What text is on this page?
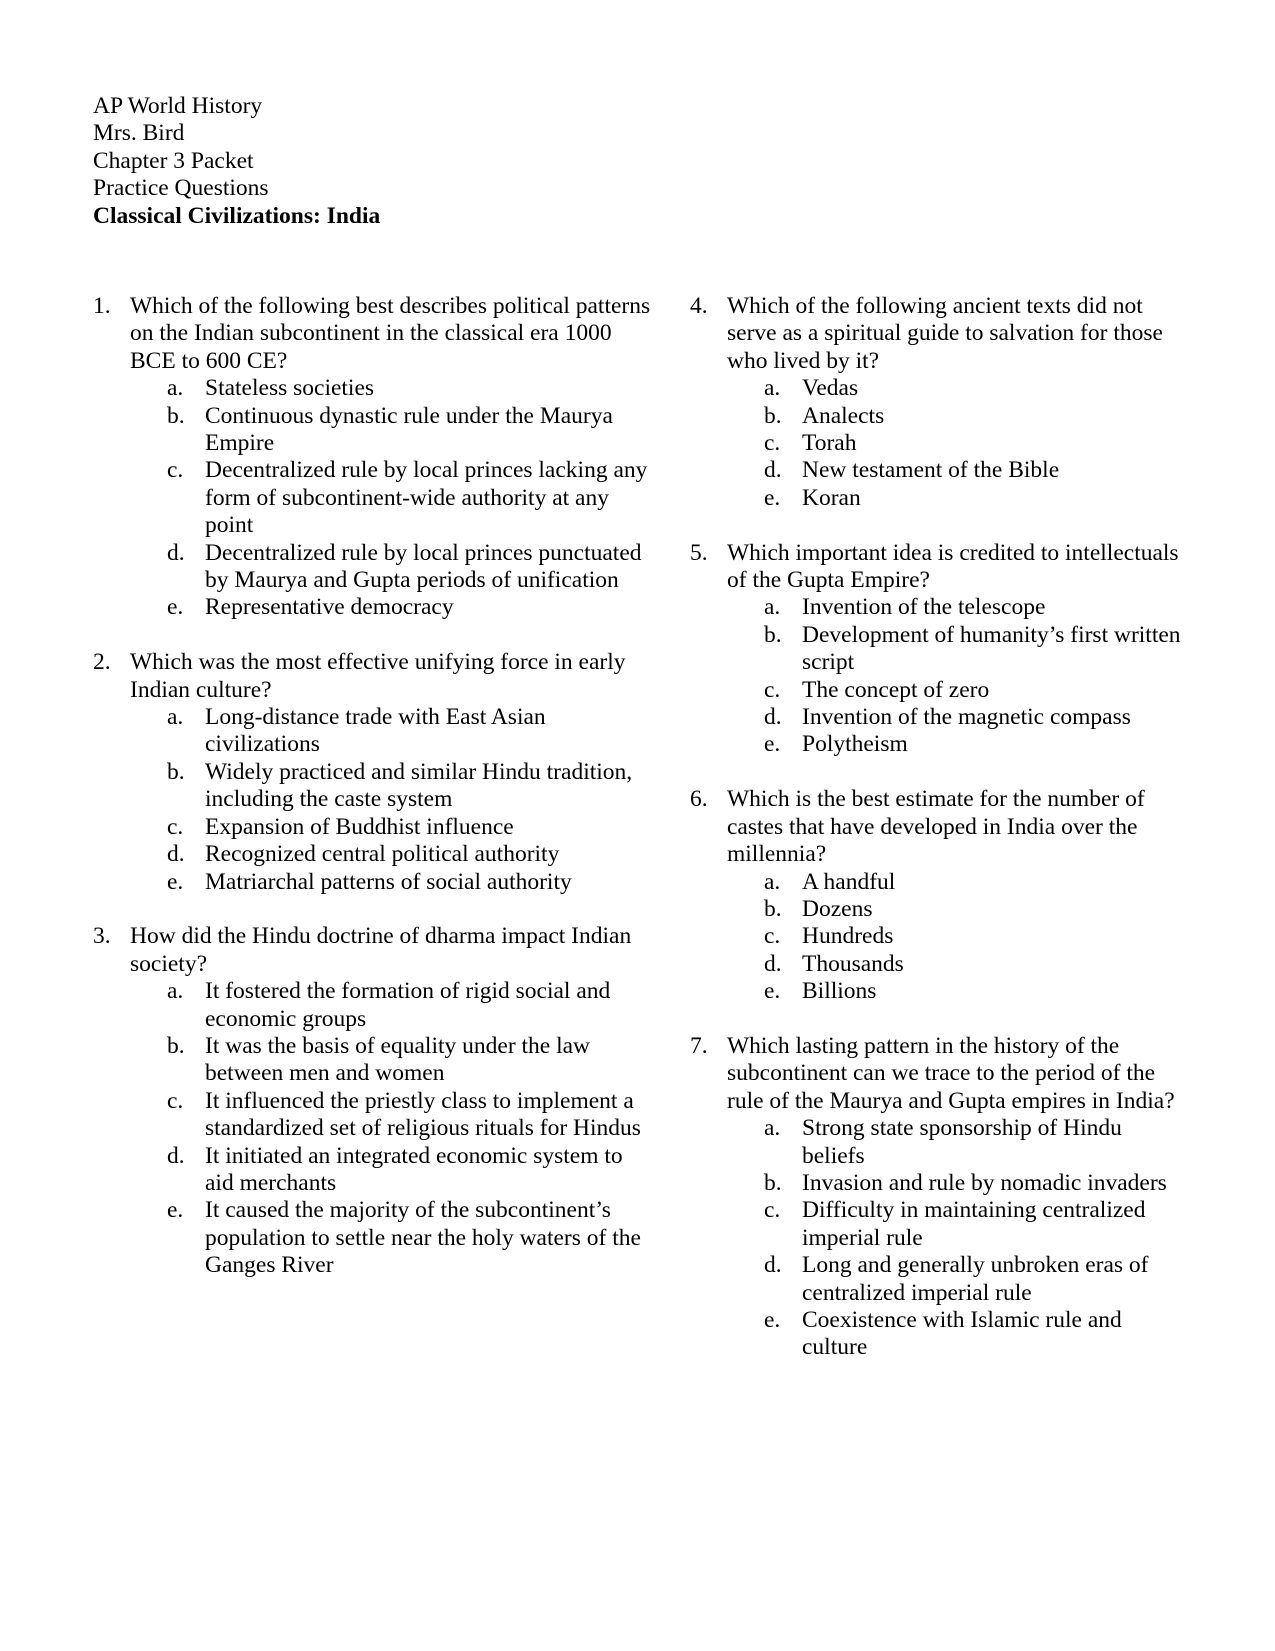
AP World History
Mrs. Bird
Chapter 3 Packet
Practice Questions
Classical Civilizations: India
1. Which of the following best describes political patterns on the Indian subcontinent in the classical era 1000 BCE to 600 CE?
a. Stateless societies
b. Continuous dynastic rule under the Maurya Empire
c. Decentralized rule by local princes lacking any form of subcontinent-wide authority at any point
d. Decentralized rule by local princes punctuated by Maurya and Gupta periods of unification
e. Representative democracy
2. Which was the most effective unifying force in early Indian culture?
a. Long-distance trade with East Asian civilizations
b. Widely practiced and similar Hindu tradition, including the caste system
c. Expansion of Buddhist influence
d. Recognized central political authority
e. Matriarchal patterns of social authority
3. How did the Hindu doctrine of dharma impact Indian society?
a. It fostered the formation of rigid social and economic groups
b. It was the basis of equality under the law between men and women
c. It influenced the priestly class to implement a standardized set of religious rituals for Hindus
d. It initiated an integrated economic system to aid merchants
e. It caused the majority of the subcontinent’s population to settle near the holy waters of the Ganges River
4. Which of the following ancient texts did not serve as a spiritual guide to salvation for those who lived by it?
a. Vedas
b. Analects
c. Torah
d. New testament of the Bible
e. Koran
5. Which important idea is credited to intellectuals of the Gupta Empire?
a. Invention of the telescope
b. Development of humanity’s first written script
c. The concept of zero
d. Invention of the magnetic compass
e. Polytheism
6. Which is the best estimate for the number of castes that have developed in India over the millennia?
a. A handful
b. Dozens
c. Hundreds
d. Thousands
e. Billions
7. Which lasting pattern in the history of the subcontinent can we trace to the period of the rule of the Maurya and Gupta empires in India?
a. Strong state sponsorship of Hindu beliefs
b. Invasion and rule by nomadic invaders
c. Difficulty in maintaining centralized imperial rule
d. Long and generally unbroken eras of centralized imperial rule
e. Coexistence with Islamic rule and culture
